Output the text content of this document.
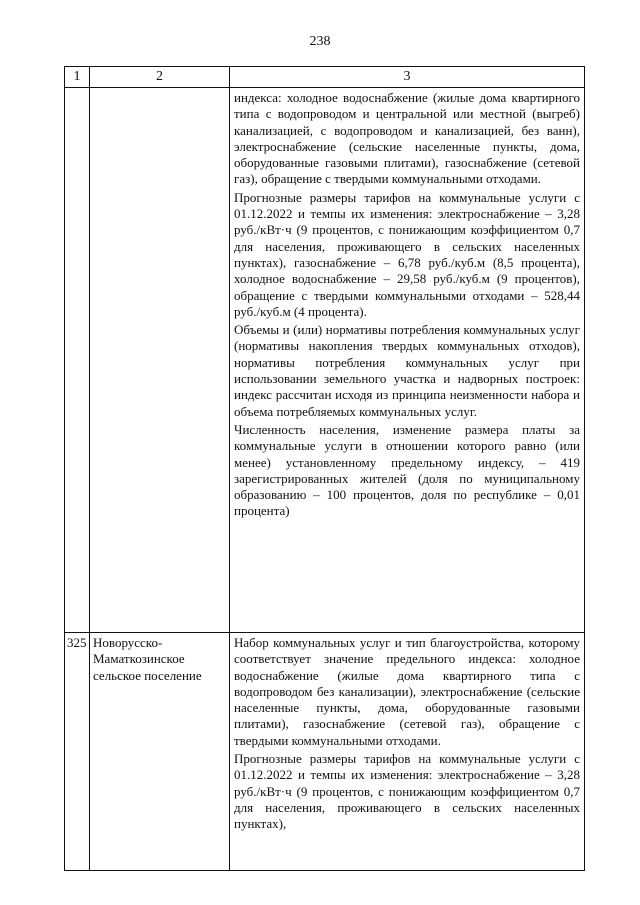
238
1	2	3

		индекса: холодное водоснабжение (жилые дома квартирного типа с водопроводом и центральной или местной (выгреб) канализацией, с водопроводом и канализацией, без ванн), электроснабжение (сельские населенные пункты, дома, оборудованные газовыми плитами), газоснабжение (сетевой газ), обращение с твердыми коммунальными отходами.

Прогнозные размеры тарифов на коммунальные услуги с 01.12.2022 и темпы их изменения: электроснабжение – 3,28 руб./кВт·ч (9 процентов, с понижающим коэффициентом 0,7 для населения, проживающего в сельских населенных пунктах), газоснабжение – 6,78 руб./куб.м (8,5 процента), холодное водоснабжение – 29,58 руб./куб.м (9 процентов), обращение с твердыми коммунальными отходами – 528,44 руб./куб.м (4 процента).

Объемы и (или) нормативы потребления коммунальных услуг (нормативы накопления твердых коммунальных отходов), нормативы потребления коммунальных услуг при использовании земельного участка и надворных построек: индекс рассчитан исходя из принципа неизменности набора и объема потребляемых коммунальных услуг.

Численность населения, изменение размера платы за коммунальные услуги в отношении которого равно (или менее) установленному предельному индексу, – 419 зарегистрированных жителей (доля по муниципальному образованию – 100 процентов, доля по республике – 0,01 процента)

325	Новорусско-Маматкозинское сельское поселение	Набор коммунальных услуг и тип благоустройства, которому соответствует значение предельного индекса: холодное водоснабжение (жилые дома квартирного типа с водопроводом без канализации), электроснабжение (сельские населенные пункты, дома, оборудованные газовыми плитами), газоснабжение (сетевой газ), обращение с твердыми коммунальными отходами.

Прогнозные размеры тарифов на коммунальные услуги с 01.12.2022 и темпы их изменения: электроснабжение – 3,28 руб./кВт·ч (9 процентов, с понижающим коэффициентом 0,7 для населения, проживающего в сельских населенных пунктах),
